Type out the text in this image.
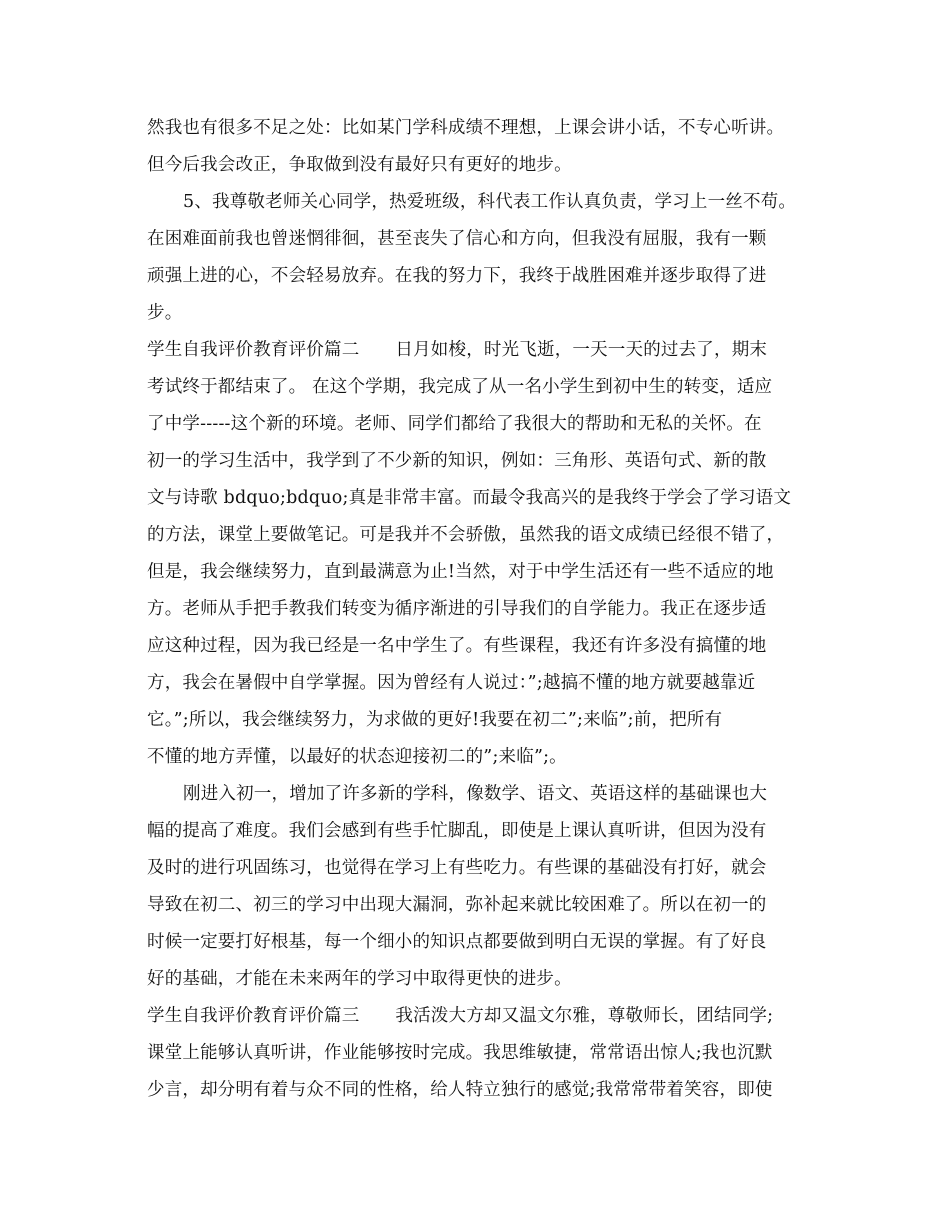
然我也有很多不足之处：比如某门学科成绩不理想，上课会讲小话，不专心听讲。
但今后我会改正，争取做到没有最好只有更好的地步。
5、我尊敬老师关心同学，热爱班级，科代表工作认真负责，学习上一丝不苟。
在困难面前我也曾迷惘徘徊，甚至丧失了信心和方向，但我没有屈服，我有一颗
顽强上进的心，不会轻易放弃。在我的努力下，我终于战胜困难并逐步取得了进
步。
学生自我评价教育评价篇二 日月如梭，时光飞逝，一天一天的过去了，期末
考试终于都结束了。 在这个学期，我完成了从一名小学生到初中生的转变，适应
了中学-----这个新的环境。老师、同学们都给了我很大的帮助和无私的关怀。在
初一的学习生活中，我学到了不少新的知识，例如：三角形、英语句式、新的散
文与诗歌 bdquo;bdquo;真是非常丰富。而最令我高兴的是我终于学会了学习语文
的方法，课堂上要做笔记。可是我并不会骄傲，虽然我的语文成绩已经很不错了，
但是，我会继续努力，直到最满意为止!当然，对于中学生活还有一些不适应的地
方。老师从手把手教我们转变为循序渐进的引导我们的自学能力。我正在逐步适
应这种过程，因为我已经是一名中学生了。有些课程，我还有许多没有搞懂的地
方，我会在暑假中自学掌握。因为曾经有人说过：”;越搞不懂的地方就要越靠近
它。”;所以，我会继续努力，为求做的更好!我要在初二”;来临”;前，把所有
不懂的地方弄懂，以最好的状态迎接初二的”;来临”;。
刚进入初一，增加了许多新的学科，像数学、语文、英语这样的基础课也大
幅的提高了难度。我们会感到有些手忙脚乱，即使是上课认真听讲，但因为没有
及时的进行巩固练习，也觉得在学习上有些吃力。有些课的基础没有打好，就会
导致在初二、初三的学习中出现大漏洞，弥补起来就比较困难了。所以在初一的
时候一定要打好根基，每一个细小的知识点都要做到明白无误的掌握。有了好良
好的基础，才能在未来两年的学习中取得更快的进步。
学生自我评价教育评价篇三 我活泼大方却又温文尔雅，尊敬师长，团结同学;
课堂上能够认真听讲，作业能够按时完成。我思维敏捷，常常语出惊人;我也沉默
少言，却分明有着与众不同的性格，给人特立独行的感觉;我常常带着笑容，即使
